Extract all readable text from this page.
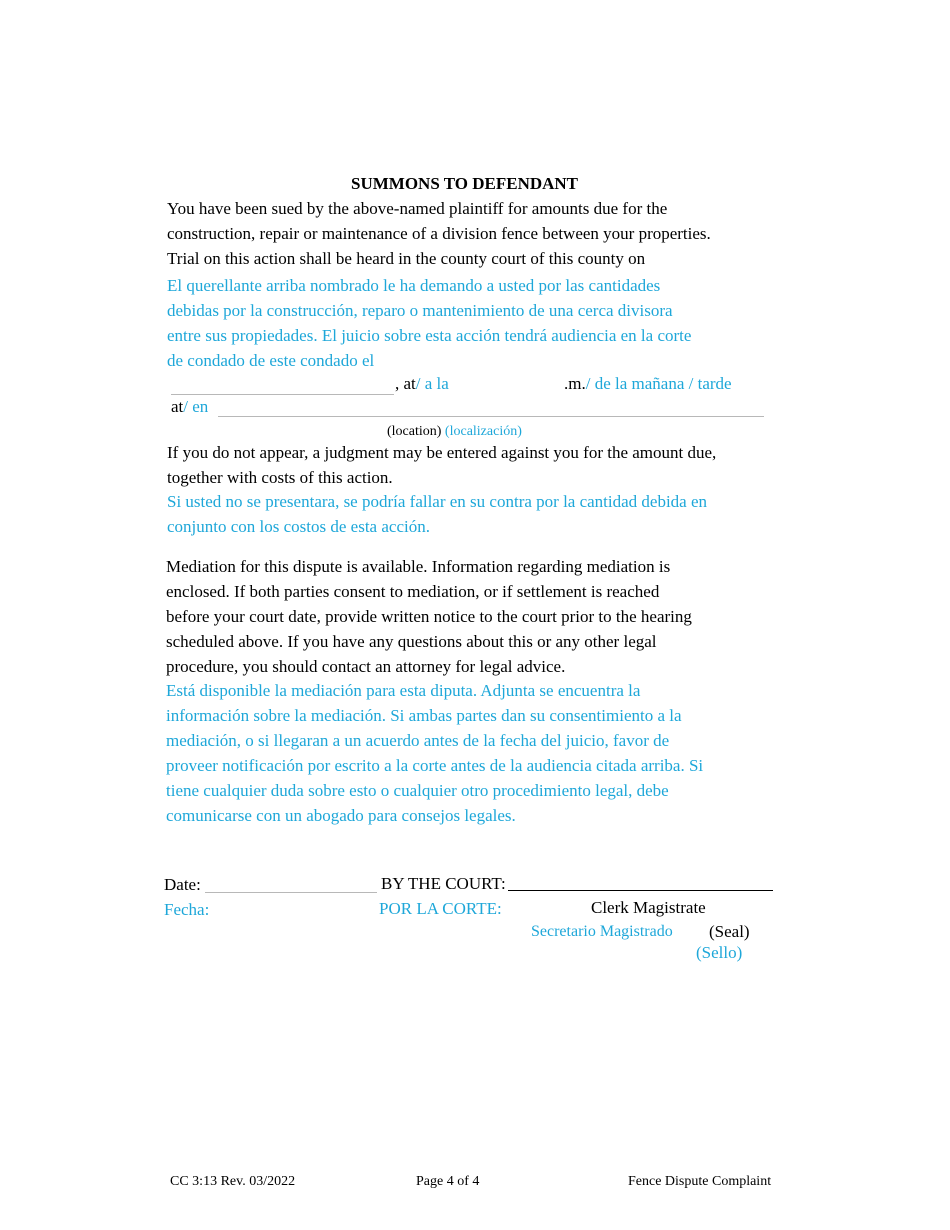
SUMMONS TO DEFENDANT
You have been sued by the above-named plaintiff for amounts due for the
construction, repair or maintenance of a division fence between your properties.
Trial on this action shall be heard in the county court of this county on
El querellante arriba nombrado le ha demando a usted por las cantidades
debidas por la construcción, reparo o mantenimiento de una cerca divisora
entre sus propiedades. El juicio sobre esta acción tendrá audiencia en la corte
de condado de este condado el
, at/ a la	.m./ de la mañana / tarde
at/ en
(location) (localización)
If you do not appear, a judgment may be entered against you for the amount due,
together with costs of this action.
Si usted no se presentara, se podría fallar en su contra por la cantidad debida en
conjunto con los costos de esta acción.
Mediation for this dispute is available. Information regarding mediation is
enclosed. If both parties consent to mediation, or if settlement is reached
before your court date, provide written notice to the court prior to the hearing
scheduled above. If you have any questions about this or any other legal
procedure, you should contact an attorney for legal advice.
Está disponible la mediación para esta diputa. Adjunta se encuentra la
información sobre la mediación. Si ambas partes dan su consentimiento a la
mediación, o si llegaran a un acuerdo antes de la fecha del juicio, favor de
proveer notificación por escrito a la corte antes de la audiencia citada arriba. Si
tiene cualquier duda sobre esto o cualquier otro procedimiento legal, debe
comunicarse con un abogado para consejos legales.
Date:
Fecha:
BY THE COURT:
POR LA CORTE:	Clerk Magistrate
Secretario Magistrado (Seal)
(Sello)
CC 3:13 Rev. 03/2022	Page 4 of 4	Fence Dispute Complaint
